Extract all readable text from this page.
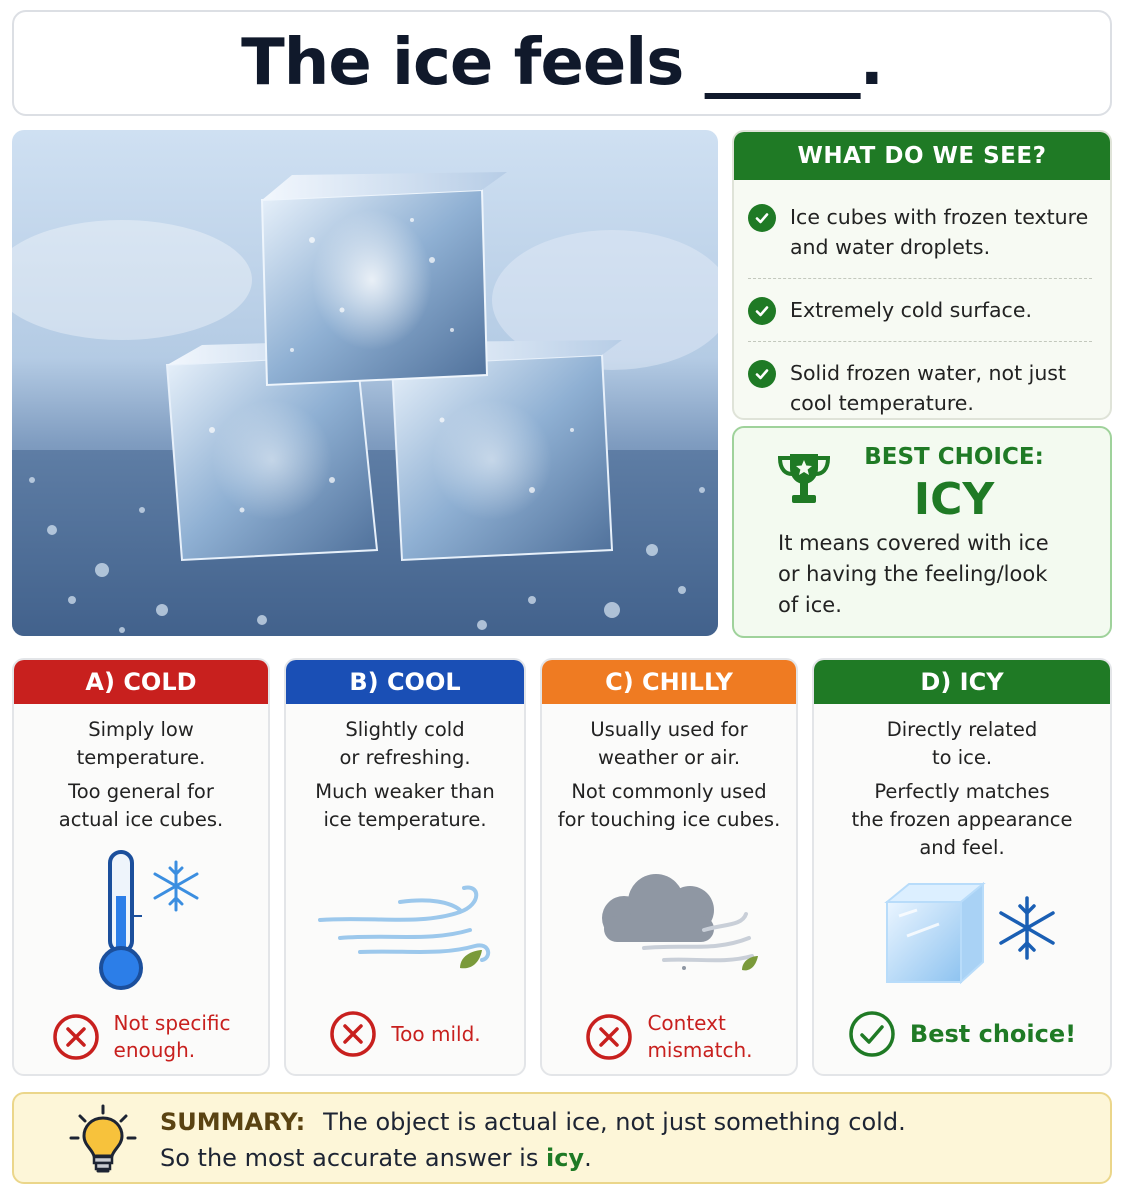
The ice feels _____.
WHAT DO WE SEE?
Ice cubes with frozen texture
and water droplets.
Extremely cold surface.
Solid frozen water, not just
cool temperature.
BEST CHOICE:
ICY
It means covered with ice
or having the feeling/look
of ice.
A) COLD

Simply low
temperature.

Too general for
actual ice cubes.

Not specific
enough.
B) COOL

Slightly cold
or refreshing.

Much weaker than
ice temperature.

Too mild.
C) CHILLY

Usually used for
weather or air.

Not commonly used
for touching ice cubes.

Context
mismatch.
D) ICY

Directly related
to ice.

Perfectly matches
the frozen appearance
and feel.

Best choice!
SUMMARY: The object is actual ice, not just something cold.
So the most accurate answer is icy.
